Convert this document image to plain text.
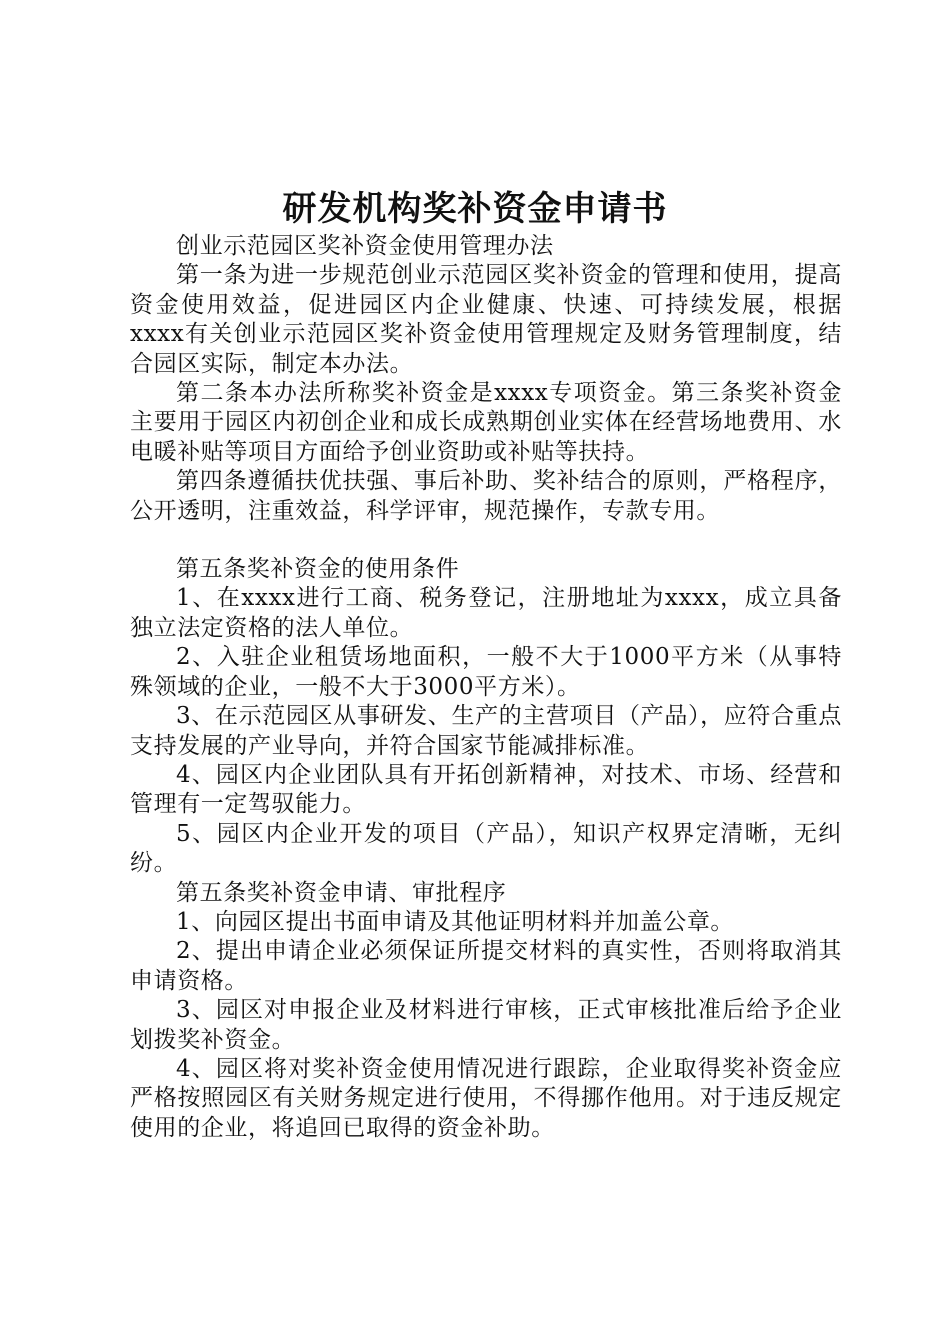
研发机构奖补资金申请书

创业示范园区奖补资金使用管理办法

第一条为进一步规范创业示范园区奖补资金的管理和使用，提高资金使用效益，促进园区内企业健康、快速、可持续发展，根据xxxx有关创业示范园区奖补资金使用管理规定及财务管理制度，结合园区实际，制定本办法。

第二条本办法所称奖补资金是xxxx专项资金。第三条奖补资金主要用于园区内初创企业和成长成熟期创业实体在经营场地费用、水电暖补贴等项目方面给予创业资助或补贴等扶持。

第四条遵循扶优扶强、事后补助、奖补结合的原则，严格程序，公开透明，注重效益，科学评审，规范操作，专款专用。

第五条奖补资金的使用条件

1、在xxxx进行工商、税务登记，注册地址为xxxx，成立具备独立法定资格的法人单位。

2、入驻企业租赁场地面积，一般不大于1000平方米（从事特殊领域的企业，一般不大于3000平方米）。

3、在示范园区从事研发、生产的主营项目（产品），应符合重点支持发展的产业导向，并符合国家节能减排标准。

4、园区内企业团队具有开拓创新精神，对技术、市场、经营和管理有一定驾驭能力。

5、园区内企业开发的项目（产品），知识产权界定清晰，无纠纷。

第五条奖补资金申请、审批程序

1、向园区提出书面申请及其他证明材料并加盖公章。

2、提出申请企业必须保证所提交材料的真实性，否则将取消其申请资格。

3、园区对申报企业及材料进行审核，正式审核批准后给予企业划拨奖补资金。

4、园区将对奖补资金使用情况进行跟踪，企业取得奖补资金应严格按照园区有关财务规定进行使用，不得挪作他用。对于违反规定使用的企业，将追回已取得的资金补助。
